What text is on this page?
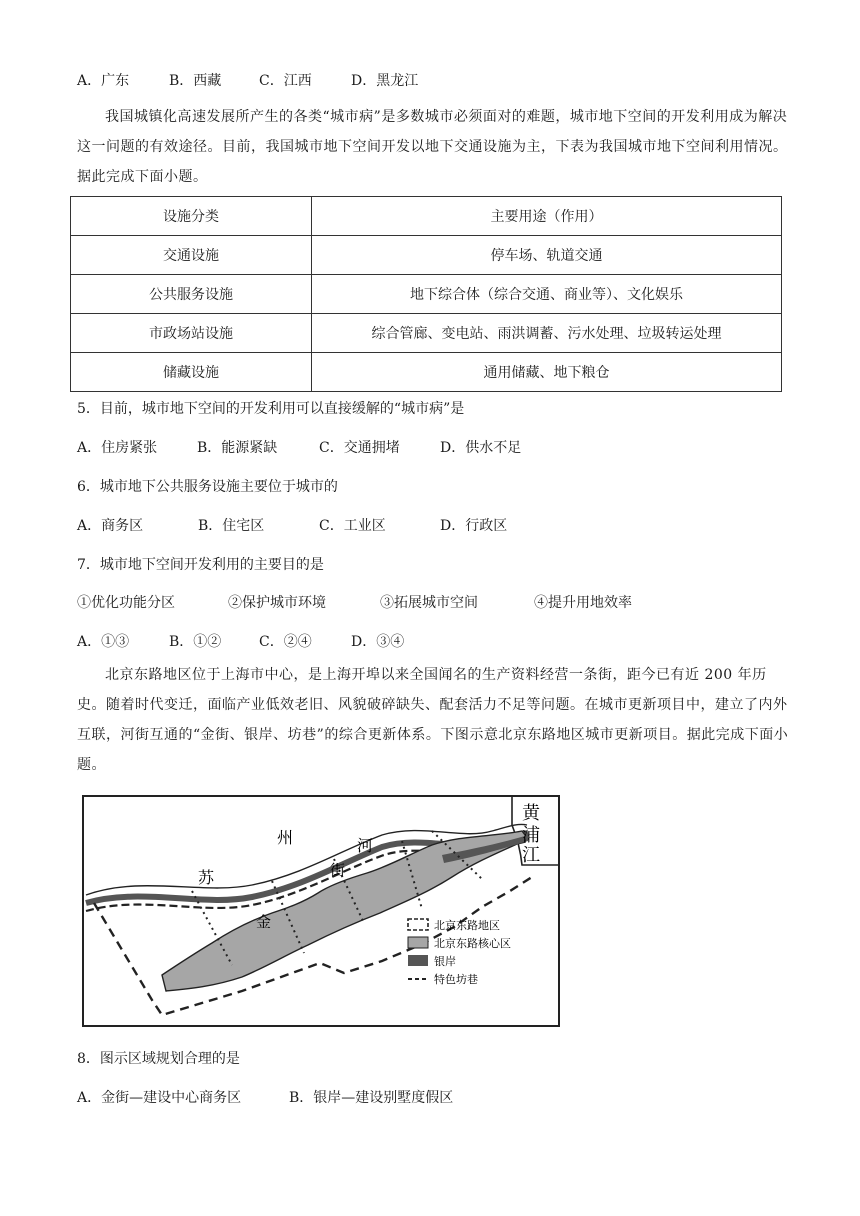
A．广东	B．西藏	C．江西	D．黑龙江
我国城镇化高速发展所产生的各类“城市病”是多数城市必须面对的难题，城市地下空间的开发利用成为解决这一问题的有效途径。目前，我国城市地下空间开发以地下交通设施为主，下表为我国城市地下空间利用情况。据此完成下面小题。
设施分类	主要用途（作用）
交通设施	停车场、轨道交通
公共服务设施	地下综合体（综合交通、商业等）、文化娱乐
市政场站设施	综合管廊、变电站、雨洪调蓄、污水处理、垃圾转运处理
储藏设施	通用储藏、地下粮仓
5．目前，城市地下空间的开发利用可以直接缓解的“城市病”是
A．住房紧张	B．能源紧缺	C．交通拥堵	D．供水不足
6．城市地下公共服务设施主要位于城市的
A．商务区	B．住宅区	C．工业区	D．行政区
7．城市地下空间开发利用的主要目的是
①优化功能分区	②保护城市环境	③拓展城市空间	④提升用地效率
A．①③	B．①②	C．②④	D．③④
北京东路地区位于上海市中心，是上海开埠以来全国闻名的生产资料经营一条街，距今已有近 200 年历史。随着时代变迁，面临产业低效老旧、风貌破碎缺失、配套活力不足等问题。在城市更新项目中，建立了内外互联，河街互通的“金街、银岸、坊巷”的综合更新体系。下图示意北京东路地区城市更新项目。据此完成下面小题。
苏
州	河
黄
浦
江
金
街
北京东路地区
北京东路核心区
银岸
特色坊巷
8．图示区域规划合理的是
A．金街—建设中心商务区	B．银岸—建设别墅度假区
